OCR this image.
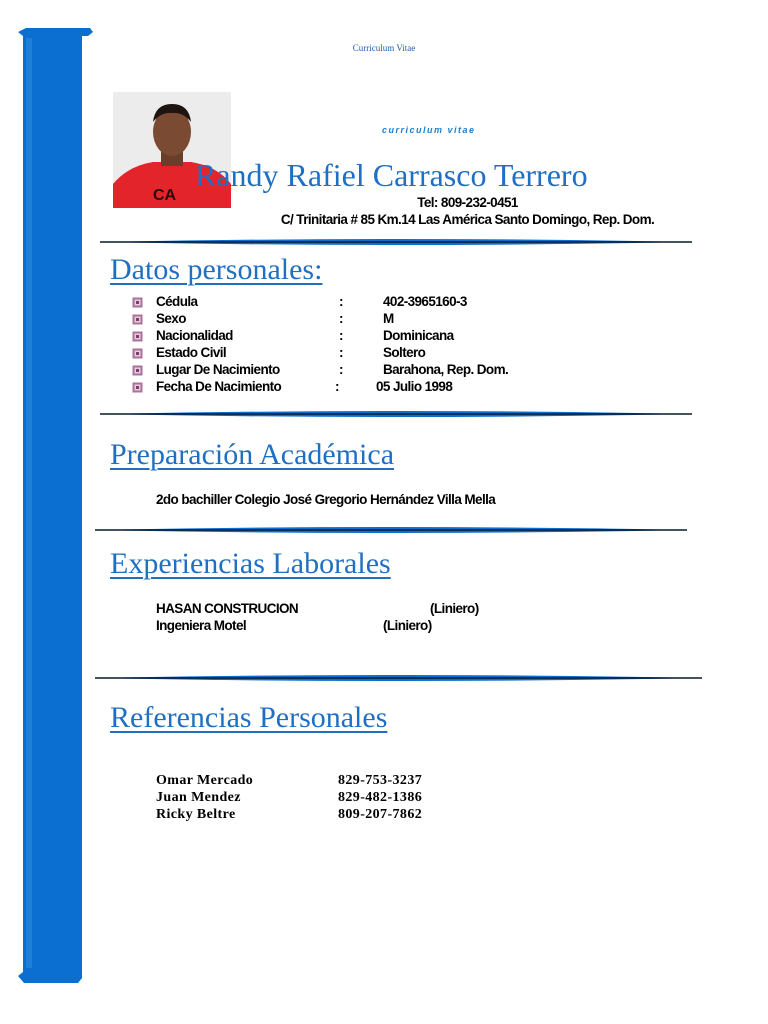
Curriculum Vitae
CA
curriculum vitae
Randy Rafiel Carrasco Terrero
Tel: 809-232-0451
C/ Trinitaria # 85 Km.14 Las América Santo Domingo, Rep. Dom.
Datos personales:
Cédula	:	402-3965160-3
Sexo	:	M
Nacionalidad	:	Dominicana
Estado Civil	:	Soltero
Lugar De Nacimiento	:	Barahona, Rep. Dom.
Fecha De Nacimiento	:	05 Julio 1998
Preparación Académica
2do bachiller Colegio José Gregorio Hernández Villa Mella
Experiencias Laborales
HASAN CONSTRUCION	(Liniero)
Ingeniera Motel	(Liniero)
Referencias Personales
Omar Mercado	829-753-3237
Juan Mendez	829-482-1386
Ricky Beltre	809-207-7862
